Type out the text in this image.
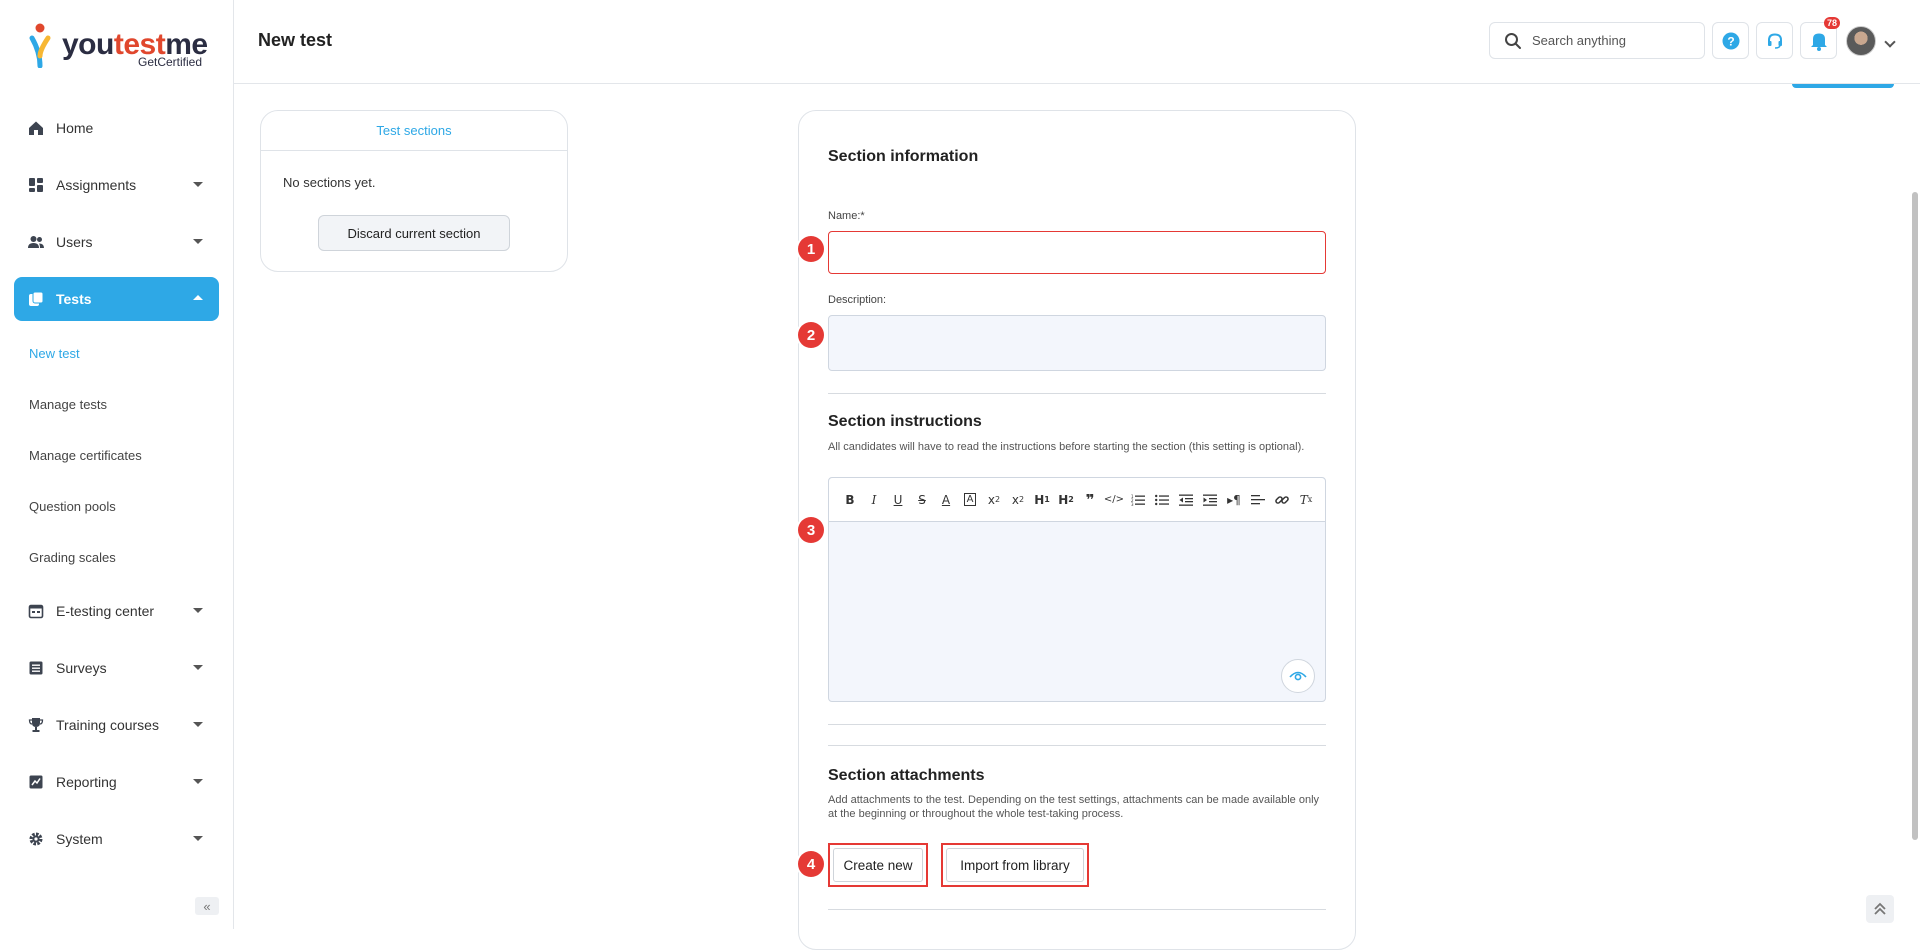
youtestme
GetCertified
Home
Assignments
Users
Tests
New test
Manage tests
Manage certificates
Question pools
Grading scales
E-testing center
Surveys
Training courses
Reporting
System
«
New test
Search anything	?
78
Test sections
No sections yet.
Discard current section
Section information
Name:*
Description:
Section instructions
All candidates will have to read the instructions before starting the section (this setting is optional).
B	I	U	S	A	A	x 2 x 2 H 1 H 2 ❞ </> 1
2
3	▸¶	T x
Section attachments
Add attachments to the test. Depending on the test settings, attachments can be made available only at the beginning or throughout the whole test-taking process.
Create new	Import from library
1
2
3
4
